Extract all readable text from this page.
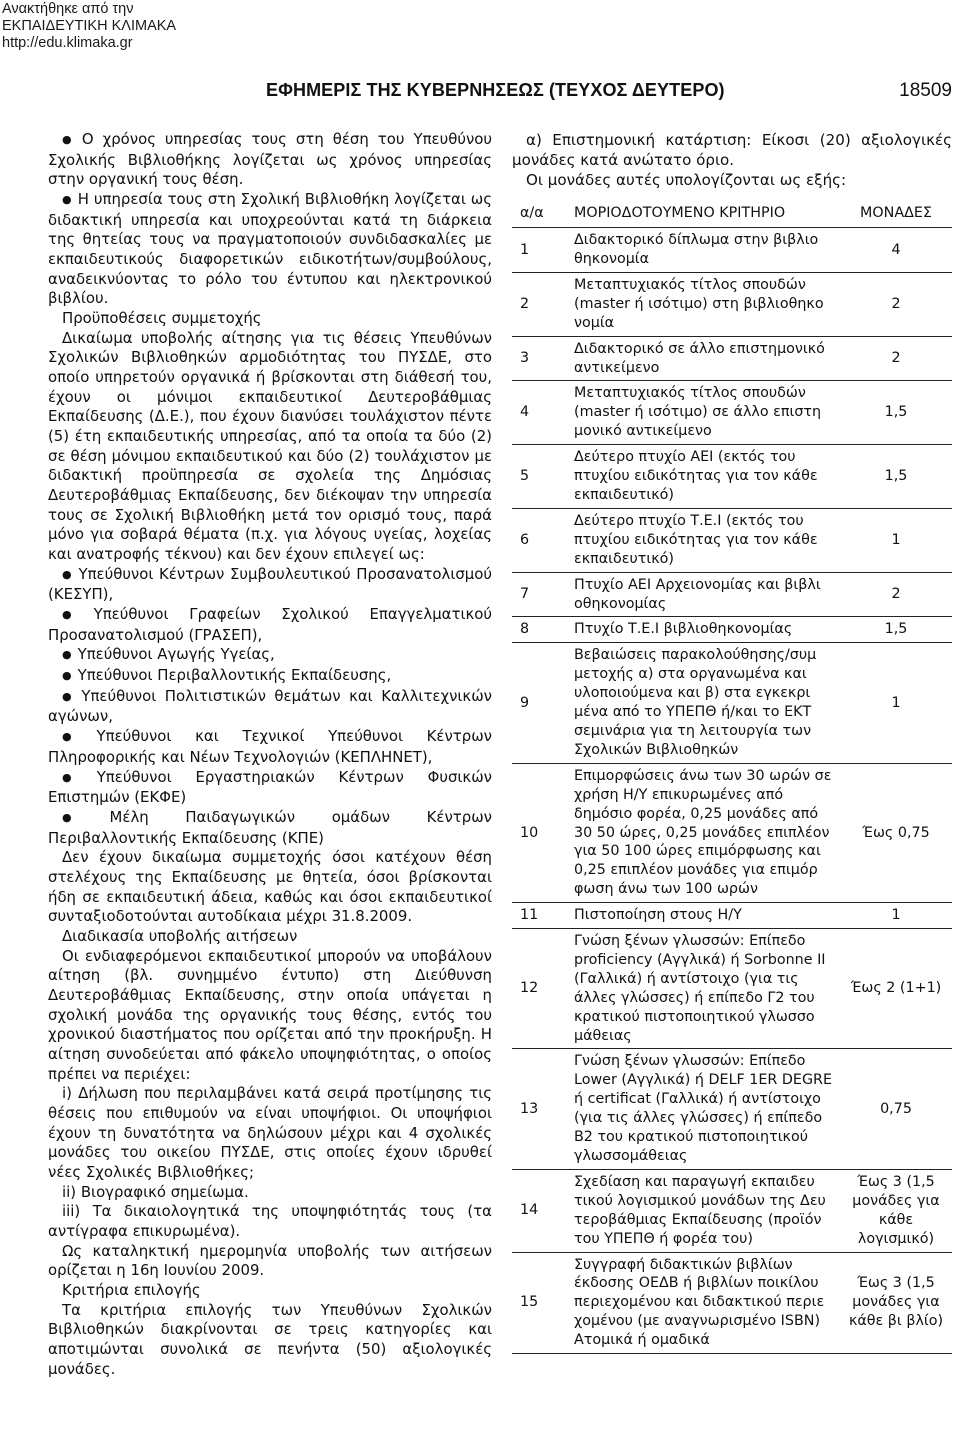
Ανακτήθηκε από την
ΕΚΠΑΙΔΕΥΤΙΚΗ ΚΛΙΜΑΚΑ
http://edu.klimaka.gr
ΕΦΗΜΕΡΙΣ ΤΗΣ ΚΥΒΕΡΝΗΣΕΩΣ (ΤΕΥΧΟΣ ΔΕΥΤΕΡΟ)	18509
● Ο χρόνος υπηρεσίας τους στη θέση του Υπευθύνου Σχολικής Βιβλιοθήκης λογίζεται ως χρόνος υπηρεσίας στην οργανική τους θέση.
● Η υπηρεσία τους στη Σχολική Βιβλιοθήκη λογίζεται ως διδακτική υπηρεσία και υποχρεούνται κατά τη διάρκεια της θητείας τους να πραγματοποιούν συνδιδασκαλίες με εκπαιδευτικούς διαφορετικών ειδικοτήτων/συμβούλους, αναδεικνύοντας το ρόλο του έντυπου και ηλεκτρονικού βιβλίου.
Προϋποθέσεις συμμετοχής
Δικαίωμα υποβολής αίτησης για τις θέσεις Υπευθύνων Σχολικών Βιβλιοθηκών αρμοδιότητας του ΠΥΣΔΕ, στο οποίο υπηρετούν οργανικά ή βρίσκονται στη διάθεσή του, έχουν οι μόνιμοι εκπαιδευτικοί Δευτεροβάθμιας Εκπαίδευσης (Δ.Ε.), που έχουν διανύσει τουλάχιστον πέντε (5) έτη εκπαιδευτικής υπηρεσίας, από τα οποία τα δύο (2) σε θέση μόνιμου εκπαιδευτικού και δύο (2) τουλάχιστον με διδακτική προϋπηρεσία σε σχολεία της Δημόσιας Δευτεροβάθμιας Εκπαίδευσης, δεν διέκοψαν την υπηρεσία τους σε Σχολική Βιβλιοθήκη μετά τον ορισμό τους, παρά μόνο για σοβαρά θέματα (π.χ. για λόγους υγείας, λοχείας και ανατροφής τέκνου) και δεν έχουν επιλεγεί ως:
● Υπεύθυνοι Κέντρων Συμβουλευτικού Προσανατολισμού (ΚΕΣΥΠ),
● Υπεύθυνοι Γραφείων Σχολικού Επαγγελματικού Προσανατολισμού (ΓΡΑΣΕΠ),
● Υπεύθυνοι Αγωγής Υγείας,
● Υπεύθυνοι Περιβαλλοντικής Εκπαίδευσης,
● Υπεύθυνοι Πολιτιστικών θεμάτων και Καλλιτεχνικών αγώνων,
● Υπεύθυνοι και Τεχνικοί Υπεύθυνοι Κέντρων Πληροφορικής και Νέων Τεχνολογιών (ΚΕΠΛΗΝΕΤ),
● Υπεύθυνοι Εργαστηριακών Κέντρων Φυσικών Επιστημών (ΕΚΦΕ)
● Μέλη Παιδαγωγικών ομάδων Κέντρων Περιβαλλοντικής Εκπαίδευσης (ΚΠΕ)
Δεν έχουν δικαίωμα συμμετοχής όσοι κατέχουν θέση στελέχους της Εκπαίδευσης με θητεία, όσοι βρίσκονται ήδη σε εκπαιδευτική άδεια, καθώς και όσοι εκπαιδευτικοί συνταξιοδοτούνται αυτοδίκαια μέχρι 31.8.2009.
Διαδικασία υποβολής αιτήσεων
Οι ενδιαφερόμενοι εκπαιδευτικοί μπορούν να υποβάλουν αίτηση (βλ. συνημμένο έντυπο) στη Διεύθυνση Δευτεροβάθμιας Εκπαίδευσης, στην οποία υπάγεται η σχολική μονάδα της οργανικής τους θέσης, εντός του χρονικού διαστήματος που ορίζεται από την προκήρυξη. Η αίτηση συνοδεύεται από φάκελο υποψηφιότητας, ο οποίος πρέπει να περιέχει:
i) Δήλωση που περιλαμβάνει κατά σειρά προτίμησης τις θέσεις που επιθυμούν να είναι υποψήφιοι. Οι υποψήφιοι έχουν τη δυνατότητα να δηλώσουν μέχρι και 4 σχολικές μονάδες του οικείου ΠΥΣΔΕ, στις οποίες έχουν ιδρυθεί νέες Σχολικές Βιβλιοθήκες;
ii) Βιογραφικό σημείωμα.
iii) Τα δικαιολογητικά της υποψηφιότητάς τους (τα αντίγραφα επικυρωμένα).
Ως καταληκτική ημερομηνία υποβολής των αιτήσεων ορίζεται η 16η Ιουνίου 2009.
Κριτήρια επιλογής
Τα κριτήρια επιλογής των Υπευθύνων Σχολικών Βιβλιοθηκών διακρίνονται σε τρεις κατηγορίες και αποτιμώνται συνολικά σε πενήντα (50) αξιολογικές μονάδες.
α) Επιστημονική κατάρτιση: Είκοσι (20) αξιολογικές μονάδες κατά ανώτατο όριο.
Οι μονάδες αυτές υπολογίζονται ως εξής:
α/α	ΜΟΡΙΟΔΟΤΟΥΜΕΝΟ ΚΡΙΤΗΡΙΟ	ΜΟΝΑΔΕΣ
1	Διδακτορικό δίπλωμα στην βιβλιο θηκονομία	4
2	Μεταπτυχιακός τίτλος σπουδών (master ή ισότιμο) στη βιβλιοθηκο νομία	2
3	Διδακτορικό σε άλλο επιστημονικό αντικείμενο	2
4	Μεταπτυχιακός τίτλος σπουδών (master ή ισότιμο) σε άλλο επιστη μονικό αντικείμενο	1,5
5	Δεύτερο πτυχίο ΑΕΙ (εκτός του πτυχίου ειδικότητας για τον κάθε εκπαιδευτικό)	1,5
6	Δεύτερο πτυχίο Τ.Ε.Ι (εκτός του πτυχίου ειδικότητας για τον κάθε εκπαιδευτικό)	1
7	Πτυχίο ΑΕΙ Αρχειονομίας και βιβλι οθηκονομίας	2
8	Πτυχίο Τ.Ε.Ι βιβλιοθηκονομίας	1,5
9	Βεβαιώσεις παρακολούθησης/συμ μετοχής α) στα οργανωμένα και υλοποιούμενα και β) στα εγκεκρι μένα από το ΥΠΕΠΘ ή/και το ΕΚΤ σεμινάρια για τη λειτουργία των Σχολικών Βιβλιοθηκών	1
10	Επιμορφώσεις άνω των 30 ωρών σε χρήση Η/Υ επικυρωμένες από δημόσιο φορέα, 0,25 μονάδες από 30 50 ώρες, 0,25 μονάδες επιπλέον για 50 100 ώρες επιμόρφωσης και 0,25 επιπλέον μονάδες για επιμόρ φωση άνω των 100 ωρών	Έως 0,75
11	Πιστοποίηση στους Η/Υ	1
12	Γνώση ξένων γλωσσών: Επίπεδο proficiency (Αγγλικά) ή Sorbonne II (Γαλλικά) ή αντίστοιχο (για τις άλλες γλώσσες) ή επίπεδο Γ2 του κρατικού πιστοποιητικού γλωσσο μάθειας	Έως 2 (1+1)
13	Γνώση ξένων γλωσσών: Επίπεδο Lower (Αγγλικά) ή DELF 1ER DEGRE ή certificat (Γαλλικά) ή αντίστοιχο (για τις άλλες γλώσσες) ή επίπεδο Β2 του κρατικού πιστοποιητικού γλωσσομάθειας	0,75
14	Σχεδίαση και παραγωγή εκπαιδευ τικού λογισμικού μονάδων της Δευ τεροβάθμιας Εκπαίδευσης (προϊόν του ΥΠΕΠΘ ή φορέα του)	Έως 3 (1,5 μονάδες για κάθε λογισμικό)
15	Συγγραφή διδακτικών βιβλίων έκδοσης ΟΕΔΒ ή βιβλίων ποικίλου περιεχομένου και διδακτικού περιε χομένου (με αναγνωρισμένο ISBN) Ατομικά ή ομαδικά	Έως 3 (1,5 μονάδες για κάθε βι βλίο)
